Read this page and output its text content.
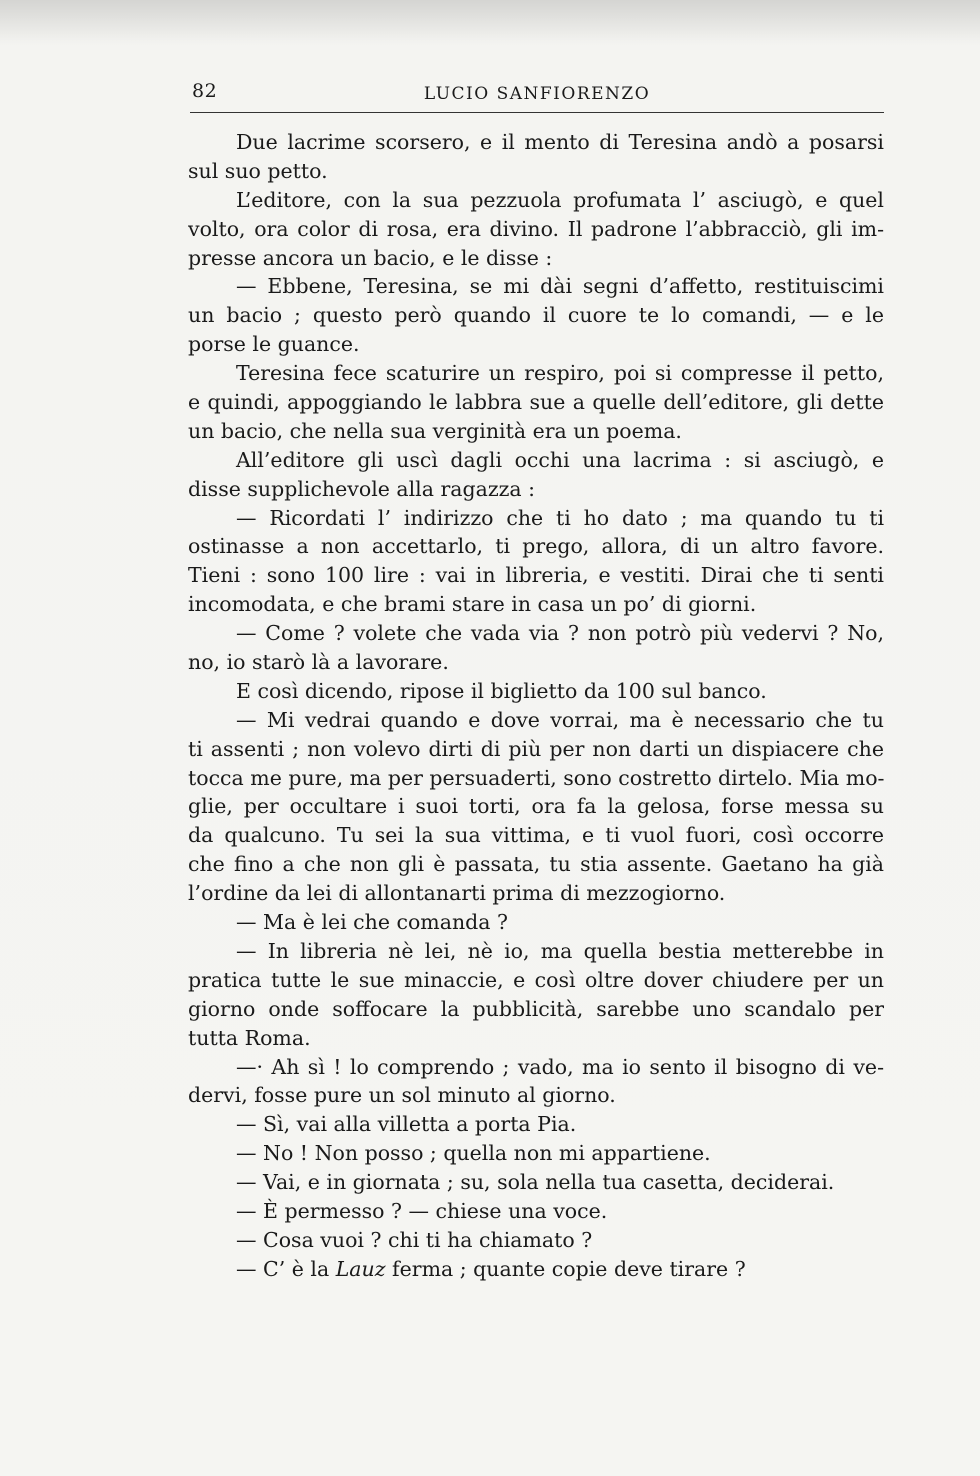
82	LUCIO SANFIORENZO
Due lacrime scorsero, e il mento di Teresina andò a posarsi
sul suo petto.
L’editore, con la sua pezzuola profumata l’ asciugò, e quel
volto, ora color di rosa, era divino. Il padrone l’abbracciò, gli im-
presse ancora un bacio, e le disse :
— Ebbene, Teresina, se mi dài segni d’affetto, restituiscimi
un bacio ; questo però quando il cuore te lo comandi, — e le
porse le guance.
Teresina fece scaturire un respiro, poi si compresse il petto,
e quindi, appoggiando le labbra sue a quelle dell’editore, gli dette
un bacio, che nella sua verginità era un poema.
All’editore gli uscì dagli occhi una lacrima : si asciugò, e
disse supplichevole alla ragazza :
— Ricordati l’ indirizzo che ti ho dato ; ma quando tu ti
ostinasse a non accettarlo, ti prego, allora, di un altro favore.
Tieni : sono 100 lire : vai in libreria, e vestiti. Dirai che ti senti
incomodata, e che brami stare in casa un po’ di giorni.
— Come ? volete che vada via ? non potrò più vedervi ? No,
no, io starò là a lavorare.
E così dicendo, ripose il biglietto da 100 sul banco.
— Mi vedrai quando e dove vorrai, ma è necessario che tu
ti assenti ; non volevo dirti di più per non darti un dispiacere che
tocca me pure, ma per persuaderti, sono costretto dirtelo. Mia mo-
glie, per occultare i suoi torti, ora fa la gelosa, forse messa su
da qualcuno. Tu sei la sua vittima, e ti vuol fuori, così occorre
che fino a che non gli è passata, tu stia assente. Gaetano ha già
l’ordine da lei di allontanarti prima di mezzogiorno.
— Ma è lei che comanda ?
— In libreria nè lei, nè io, ma quella bestia metterebbe in
pratica tutte le sue minaccie, e così oltre dover chiudere per un
giorno onde soffocare la pubblicità, sarebbe uno scandalo per
tutta Roma.
—· Ah sì ! lo comprendo ; vado, ma io sento il bisogno di ve-
dervi, fosse pure un sol minuto al giorno.
— Sì, vai alla villetta a porta Pia.
— No ! Non posso ; quella non mi appartiene.
— Vai, e in giornata ; su, sola nella tua casetta, deciderai.
— È permesso ? — chiese una voce.
— Cosa vuoi ? chi ti ha chiamato ?
— C’ è la Lauz ferma ; quante copie deve tirare ?
